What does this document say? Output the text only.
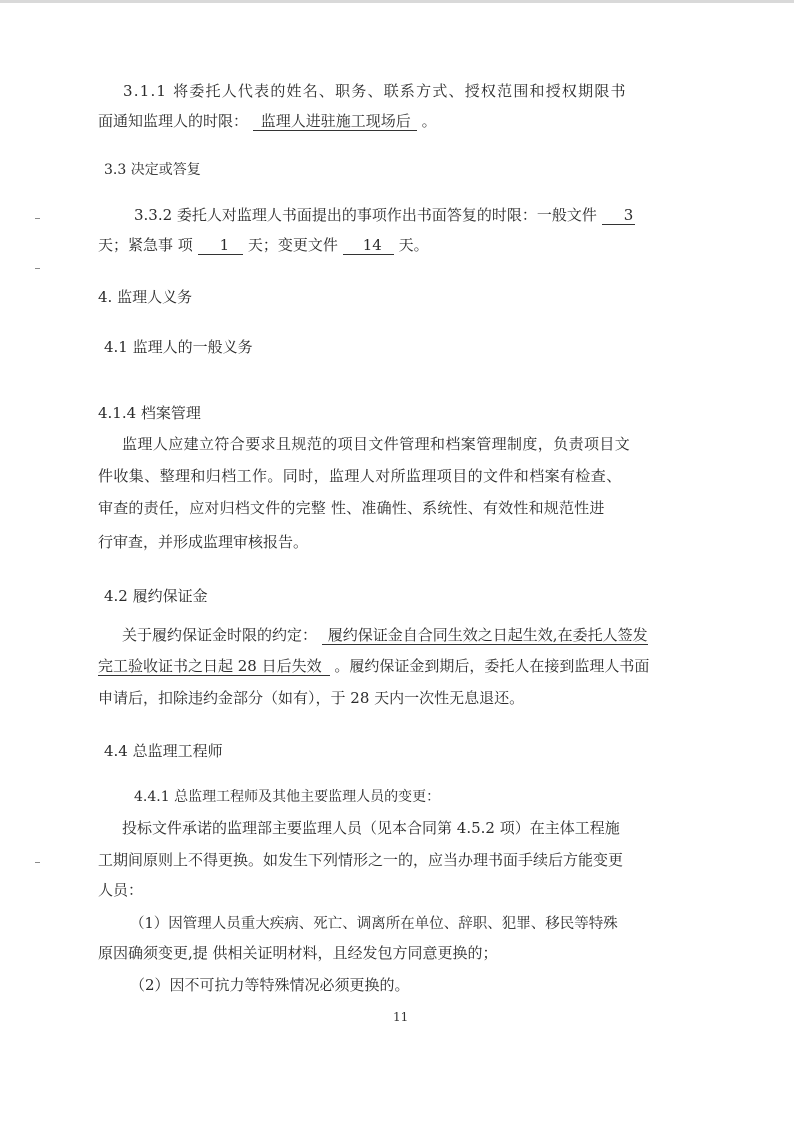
3.1.1 将委托人代表的姓名、职务、联系方式、授权范围和授权期限书
面通知监理人的时限： 监理人进驻施工现场后 。
3.3 决定或答复
3.3.2 委托人对监理人书面提出的事项作出书面答复的时限：一般文件 3
天；紧急事 项 1 天；变更文件 14 天。
4. 监理人义务
4.1 监理人的一般义务
4.1.4 档案管理
监理人应建立符合要求且规范的项目文件管理和档案管理制度，负责项目文
件收集、整理和归档工作。同时，监理人对所监理项目的文件和档案有检查、
审查的责任，应对归档文件的完整 性、准确性、系统性、有效性和规范性进
行审查，并形成监理审核报告。
4.2 履约保证金
关于履约保证金时限的约定： 履约保证金自合同生效之日起生效,在委托人签发
完工验收证书之日起 28 日后失效 。履约保证金到期后，委托人在接到监理人书面
申请后，扣除违约金部分（如有），于 28 天内一次性无息退还。
4.4 总监理工程师
4.4.1 总监理工程师及其他主要监理人员的变更：
投标文件承诺的监理部主要监理人员（见本合同第 4.5.2 项）在主体工程施
工期间原则上不得更换。如发生下列情形之一的，应当办理书面手续后方能变更
人员：
（1）因管理人员重大疾病、死亡、调离所在单位、辞职、犯罪、移民等特殊
原因确须变更,提 供相关证明材料，且经发包方同意更换的；
（2）因不可抗力等特殊情况必须更换的。
11
